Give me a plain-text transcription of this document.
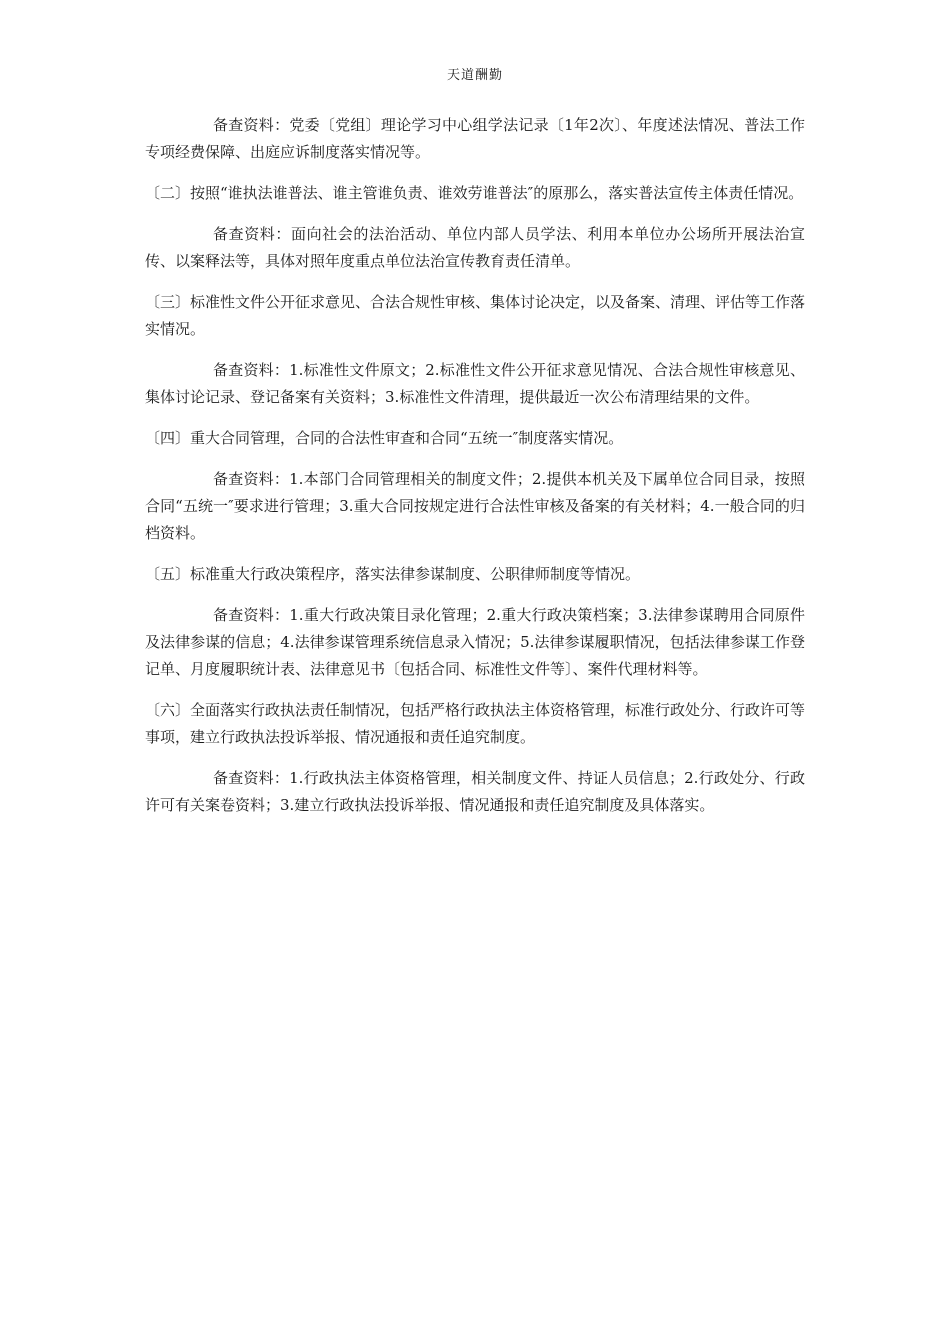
天道酬勤

备查资料：党委〔党组〕理论学习中心组学法记录〔1年2次〕、年度述法情况、普法工作专项经费保障、出庭应诉制度落实情况等。

〔二〕按照“谁执法谁普法、谁主管谁负责、谁效劳谁普法″的原那么，落实普法宣传主体责任情况。

备查资料：面向社会的法治活动、单位内部人员学法、利用本单位办公场所开展法治宣传、以案释法等，具体对照年度重点单位法治宣传教育责任清单。

〔三〕标准性文件公开征求意见、合法合规性审核、集体讨论决定，以及备案、清理、评估等工作落实情况。

备查资料：1.标准性文件原文；2.标准性文件公开征求意见情况、合法合规性审核意见、集体讨论记录、登记备案有关资料；3.标准性文件清理，提供最近一次公布清理结果的文件。

〔四〕重大合同管理，合同的合法性审查和合同“五统一″制度落实情况。

备查资料：1.本部门合同管理相关的制度文件；2.提供本机关及下属单位合同目录，按照合同“五统一″要求进行管理；3.重大合同按规定进行合法性审核及备案的有关材料；4.一般合同的归档资料。

〔五〕标准重大行政决策程序，落实法律参谋制度、公职律师制度等情况。

备查资料：1.重大行政决策目录化管理；2.重大行政决策档案；3.法律参谋聘用合同原件及法律参谋的信息；4.法律参谋管理系统信息录入情况；5.法律参谋履职情况，包括法律参谋工作登记单、月度履职统计表、法律意见书〔包括合同、标准性文件等〕、案件代理材料等。

〔六〕全面落实行政执法责任制情况，包括严格行政执法主体资格管理，标准行政处分、行政许可等事项，建立行政执法投诉举报、情况通报和责任追究制度。

备查资料：1.行政执法主体资格管理，相关制度文件、持证人员信息；2.行政处分、行政许可有关案卷资料；3.建立行政执法投诉举报、情况通报和责任追究制度及具体落实。
